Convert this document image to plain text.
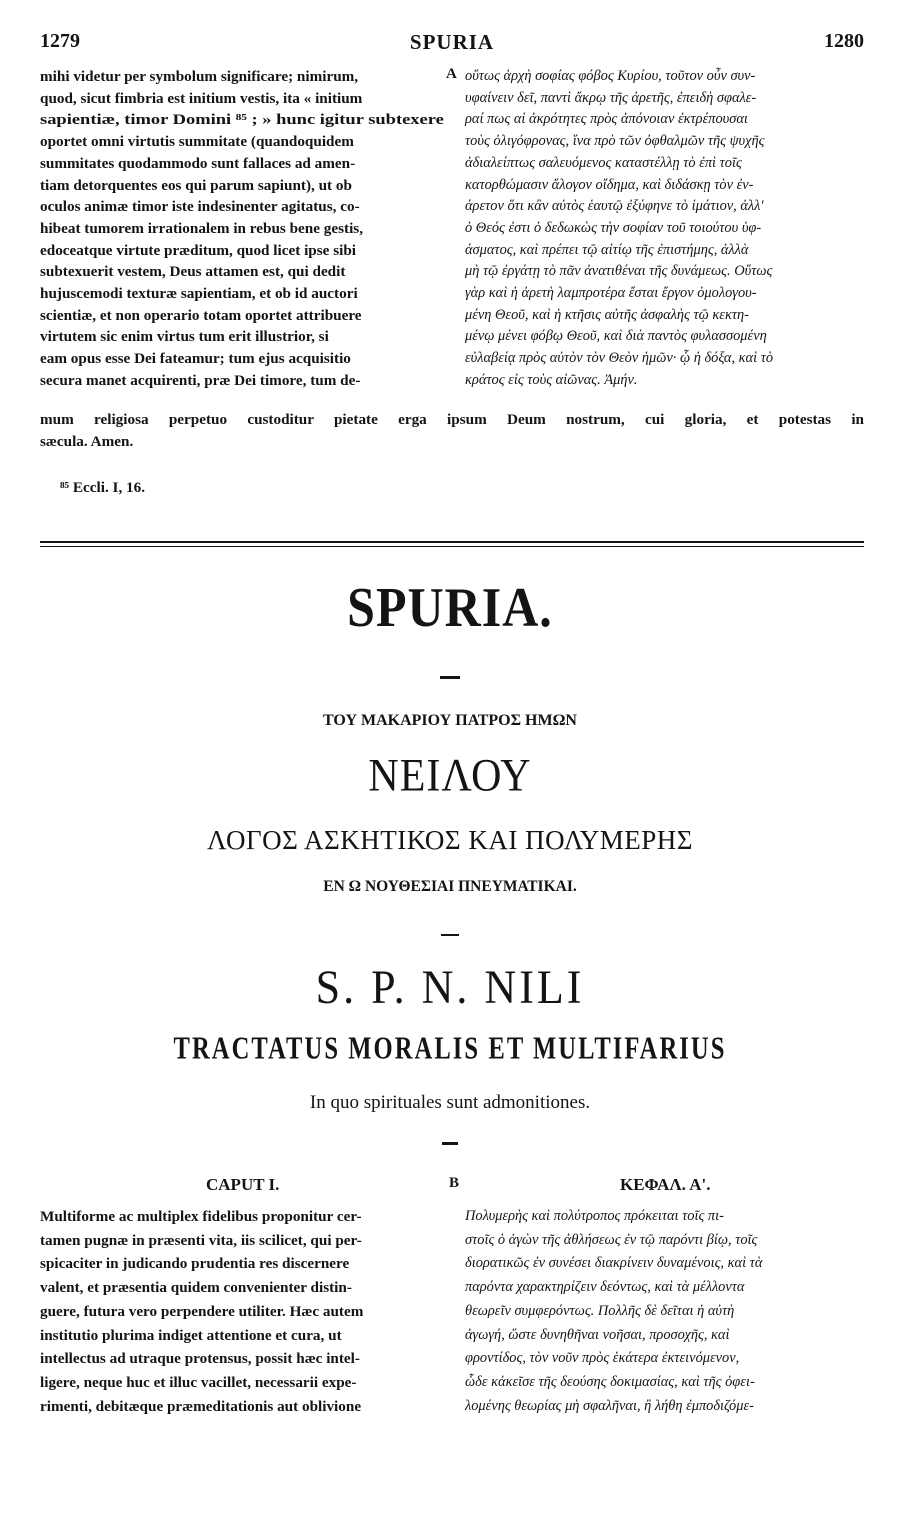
1279	SPURIA	1280
mihi videtur per symbolum significare; nimirum,
quod, sicut fimbria est initium vestis, ita « initium
sapientiæ, timor Domini ⁸⁵ ; » hunc igitur subtexere
oportet omni virtutis summitate (quandoquidem
summitates quodammodo sunt fallaces ad amen-
tiam detorquentes eos qui parum sapiunt), ut ob
oculos animæ timor iste indesinenter agitatus, co-
hibeat tumorem irrationalem in rebus bene gestis,
edoceatque virtute præditum, quod licet ipse sibi
subtexuerit vestem, Deus attamen est, qui dedit
hujuscemodi texturæ sapientiam, et ob id auctori
scientiæ, et non operario totam oportet attribuere
virtutem sic enim virtus tum erit illustrior, si
eam opus esse Dei fateamur; tum ejus acquisitio
secura manet acquirenti, præ Dei timore, tum de-
A οὕτως ἀρχὴ σοφίας φόβος Κυρίου, τοῦτον οὖν συν-
υφαίνειν δεῖ, παντὶ ἄκρῳ τῆς ἀρετῆς, ἐπειδὴ σφαλε-
ραί πως αἱ ἀκρότητες πρὸς ἀπόνοιαν ἐκτρέπουσαι
τοὺς ὀλιγόφρονας, ἵνα πρὸ τῶν ὀφθαλμῶν τῆς ψυχῆς
ἀδιαλείπτως σαλευόμενος καταστέλλῃ τὸ ἐπὶ τοῖς
κατορθώμασιν ἄλογον οἴδημα, καὶ διδάσκῃ τὸν ἐν-
άρετον ὅτι κἂν αὐτὸς ἑαυτῷ ἐξύφηνε τὸ ἱμάτιον, ἀλλ'
ὁ Θεός ἐστι ὁ δεδωκὼς τὴν σοφίαν τοῦ τοιούτου ὑφ-
άσματος, καὶ πρέπει τῷ αἰτίῳ τῆς ἐπιστήμης, ἀλλὰ
μὴ τῷ ἐργάτῃ τὸ πᾶν ἀνατιθέναι τῆς δυνάμεως. Οὕτως
γὰρ καὶ ἡ ἀρετὴ λαμπροτέρα ἔσται ἔργον ὁμολογου-
μένη Θεοῦ, καὶ ἡ κτῆσις αὐτῆς ἀσφαλὴς τῷ κεκτη-
μένῳ μένει φόβῳ Θεοῦ, καὶ διὰ παντὸς φυλασσομένη
εὐλαβείᾳ πρὸς αὐτὸν τὸν Θεὸν ἡμῶν· ᾧ ἡ δόξα, καὶ τὸ
κράτος εἰς τοὺς αἰῶνας. Ἀμήν.
mum religiosa perpetuo custoditur pietate erga ipsum Deum nostrum, cui gloria, et potestas in
sæcula. Amen.
⁸⁵ Eccli. I, 16.
SPURIA.
ΤΟΥ ΜΑΚΑΡΙΟΥ ΠΑΤΡΟΣ ΗΜΩΝ
ΝΕΙΛΟΥ
ΛΟΓΟΣ ΑΣΚΗΤΙΚΟΣ ΚΑΙ ΠΟΛΥΜΕΡΗΣ
ΕΝ Ω ΝΟΥΘΕΣΙΑΙ ΠΝΕΥΜΑΤΙΚΑΙ.
S. P. N. NILI
TRACTATUS MORALIS ET MULTIFARIUS
In quo spirituales sunt admonitiones.
CAPUT I.	B	ΚΕΦΑΛ. Α'.
Multiforme ac multiplex fidelibus proponitur cer-
tamen pugnæ in præsenti vita, iis scilicet, qui per-
spicaciter in judicando prudentia res discernere
valent, et præsentia quidem convenienter distin-
guere, futura vero perpendere utiliter. Hæc autem
institutio plurima indiget attentione et cura, ut
intellectus ad utraque protensus, possit hæc intel-
ligere, neque huc et illuc vacillet, necessarii expe-
rimenti, debitæque præmeditationis aut oblivione
Πολυμερὴς καὶ πολύτροπος πρόκειται τοῖς πι-
στοῖς ὁ ἀγὼν τῆς ἀθλήσεως ἐν τῷ παρόντι βίῳ, τοῖς
διορατικῶς ἐν συνέσει διακρίνειν δυναμένοις, καὶ τὰ
παρόντα χαρακτηρίζειν δεόντως, καὶ τὰ μέλλοντα
θεωρεῖν συμφερόντως. Πολλῆς δὲ δεῖται ἡ αὐτὴ
ἀγωγή, ὥστε δυνηθῆναι νοῆσαι, προσοχῆς, καὶ
φροντίδος, τὸν νοῦν πρὸς ἑκάτερα ἐκτεινόμενον,
ὧδε κἀκεῖσε τῆς δεούσης δοκιμασίας, καὶ τῆς ὀφει-
λομένης θεωρίας μὴ σφαλῆναι, ἢ λήθη ἐμποδιζόμε-
